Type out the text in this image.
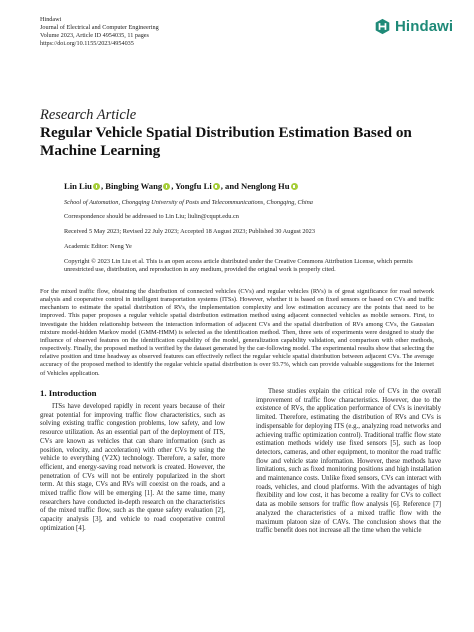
Hindawi
Journal of Electrical and Computer Engineering
Volume 2023, Article ID 4954035, 11 pages
https://doi.org/10.1155/2023/4954035
Hindawi
Research Article
Regular Vehicle Spatial Distribution Estimation Based on Machine Learning
Lin Liu , Bingbing Wang , Yongfu Li , and Nenglong Hu
School of Automation, Chongqing University of Posts and Telecommunications, Chongqing, China
Correspondence should be addressed to Lin Liu; liulin@cqupt.edu.cn
Received 5 May 2023; Revised 22 July 2023; Accepted 18 August 2023; Published 30 August 2023
Academic Editor: Neng Ye
Copyright © 2023 Lin Liu et al. This is an open access article distributed under the Creative Commons Attribution License, which permits unrestricted use, distribution, and reproduction in any medium, provided the original work is properly cited.
For the mixed traffic flow, obtaining the distribution of connected vehicles (CVs) and regular vehicles (RVs) is of great significance for road network analysis and cooperative control in intelligent transportation systems (ITSs). However, whether it is based on fixed sensors or based on CVs and traffic mechanism to estimate the spatial distribution of RVs, the implementation complexity and low estimation accuracy are the points that need to be improved. This paper proposes a regular vehicle spatial distribution estimation method using adjacent connected vehicles as mobile sensors. First, to investigate the hidden relationship between the interaction information of adjacent CVs and the spatial distribution of RVs among CVs, the Gaussian mixture model-hidden Markov model (GMM-HMM) is selected as the identification method. Then, three sets of experiments were designed to study the influence of observed features on the identification capability of the model, generalization capability validation, and comparison with other methods, respectively. Finally, the proposed method is verified by the dataset generated by the car-following model. The experimental results show that selecting the relative position and time headway as observed features can effectively reflect the regular vehicle spatial distribution between adjacent CVs. The average accuracy of the proposed method to identify the regular vehicle spatial distribution is over 93.7%, which can provide valuable suggestions for the Internet of Vehicles application.
1. Introduction

ITSs have developed rapidly in recent years because of their great potential for improving traffic flow characteristics, such as solving existing traffic congestion problems, low safety, and low resource utilization. As an essential part of the deployment of ITS, CVs are known as vehicles that can share information (such as position, velocity, and acceleration) with other CVs by using the vehicle to everything (V2X) technology. Therefore, a safer, more efficient, and energy-saving road network is created. However, the penetration of CVs will not be entirely popularized in the short term. At this stage, CVs and RVs will coexist on the roads, and a mixed traffic flow will be emerging [1]. At the same time, many researchers have conducted in-depth research on the characteristics of the mixed traffic flow, such as the queue safety evaluation [2], capacity analysis [3], and vehicle to road cooperative control optimization [4].

These studies explain the critical role of CVs in the overall improvement of traffic flow characteristics. However, due to the existence of RVs, the application performance of CVs is inevitably limited. Therefore, estimating the distribution of RVs and CVs is indispensable for deploying ITS (e.g., analyzing road networks and achieving traffic optimization control). Traditional traffic flow state estimation methods widely use fixed sensors [5], such as loop detectors, cameras, and other equipment, to monitor the road traffic flow and vehicle state information. However, these methods have limitations, such as fixed monitoring positions and high installation and maintenance costs. Unlike fixed sensors, CVs can interact with roads, vehicles, and cloud platforms. With the advantages of high flexibility and low cost, it has become a reality for CVs to collect data as mobile sensors for traffic flow analysis [6]. Reference [7] analyzed the characteristics of a mixed traffic flow with the maximum platoon size of CAVs. The conclusion shows that the traffic benefit does not increase all the time when the vehicle
